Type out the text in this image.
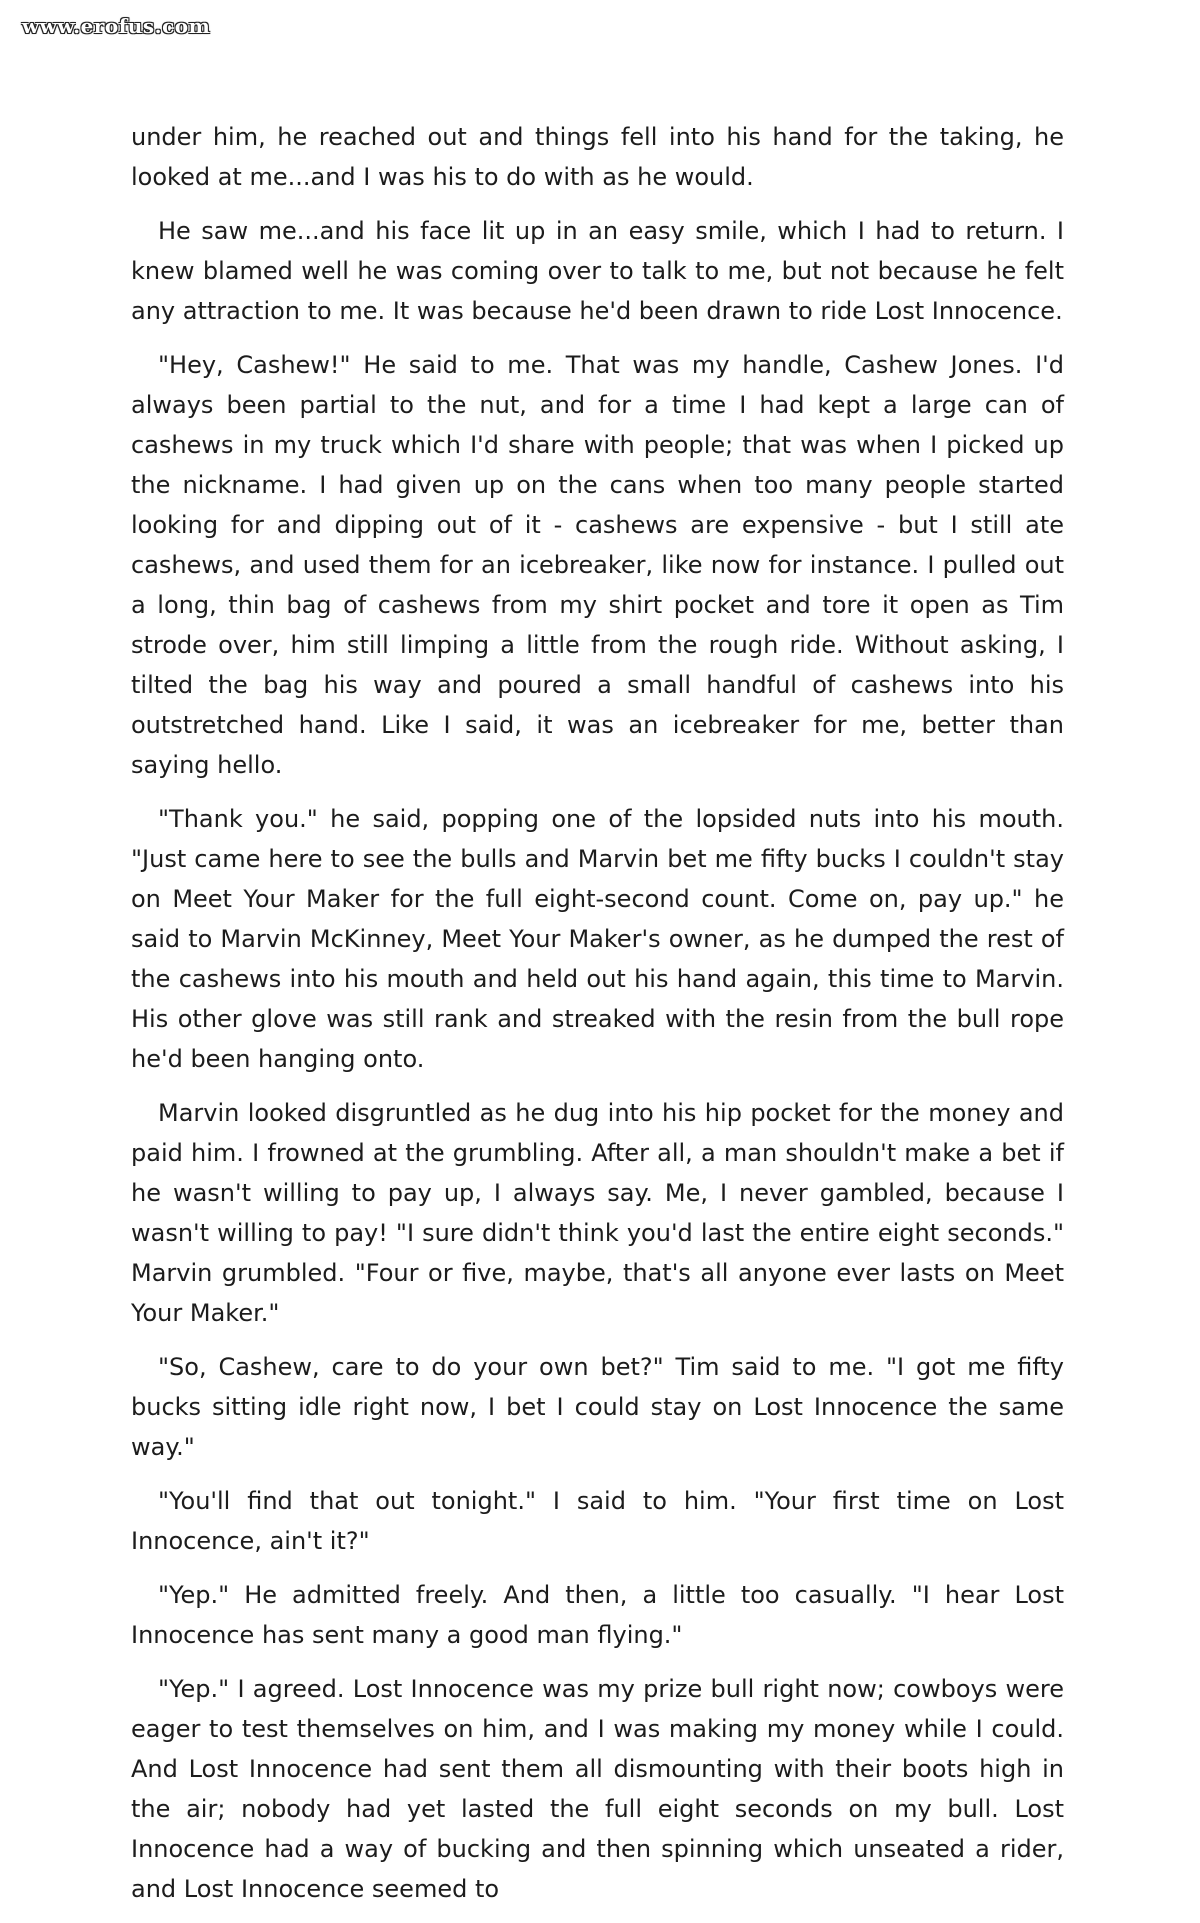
www.erofus.com

under him, he reached out and things fell into his hand for the taking, he looked at me...and I was his to do with as he would.

He saw me...and his face lit up in an easy smile, which I had to return. I knew blamed well he was coming over to talk to me, but not because he felt any attraction to me. It was because he'd been drawn to ride Lost Innocence.

"Hey, Cashew!" He said to me. That was my handle, Cashew Jones. I'd always been partial to the nut, and for a time I had kept a large can of cashews in my truck which I'd share with people; that was when I picked up the nickname. I had given up on the cans when too many people started looking for and dipping out of it - cashews are expensive - but I still ate cashews, and used them for an icebreaker, like now for instance. I pulled out a long, thin bag of cashews from my shirt pocket and tore it open as Tim strode over, him still limping a little from the rough ride. Without asking, I tilted the bag his way and poured a small handful of cashews into his outstretched hand. Like I said, it was an icebreaker for me, better than saying hello.

"Thank you." he said, popping one of the lopsided nuts into his mouth. "Just came here to see the bulls and Marvin bet me fifty bucks I couldn't stay on Meet Your Maker for the full eight-second count. Come on, pay up." he said to Marvin McKinney, Meet Your Maker's owner, as he dumped the rest of the cashews into his mouth and held out his hand again, this time to Marvin. His other glove was still rank and streaked with the resin from the bull rope he'd been hanging onto.

Marvin looked disgruntled as he dug into his hip pocket for the money and paid him. I frowned at the grumbling. After all, a man shouldn't make a bet if he wasn't willing to pay up, I always say. Me, I never gambled, because I wasn't willing to pay! "I sure didn't think you'd last the entire eight seconds." Marvin grumbled. "Four or five, maybe, that's all anyone ever lasts on Meet Your Maker."

"So, Cashew, care to do your own bet?" Tim said to me. "I got me fifty bucks sitting idle right now, I bet I could stay on Lost Innocence the same way."

"You'll find that out tonight." I said to him. "Your first time on Lost Innocence, ain't it?"

"Yep." He admitted freely. And then, a little too casually. "I hear Lost Innocence has sent many a good man flying."

"Yep." I agreed. Lost Innocence was my prize bull right now; cowboys were eager to test themselves on him, and I was making my money while I could. And Lost Innocence had sent them all dismounting with their boots high in the air; nobody had yet lasted the full eight seconds on my bull. Lost Innocence had a way of bucking and then spinning which unseated a rider, and Lost Innocence seemed to
